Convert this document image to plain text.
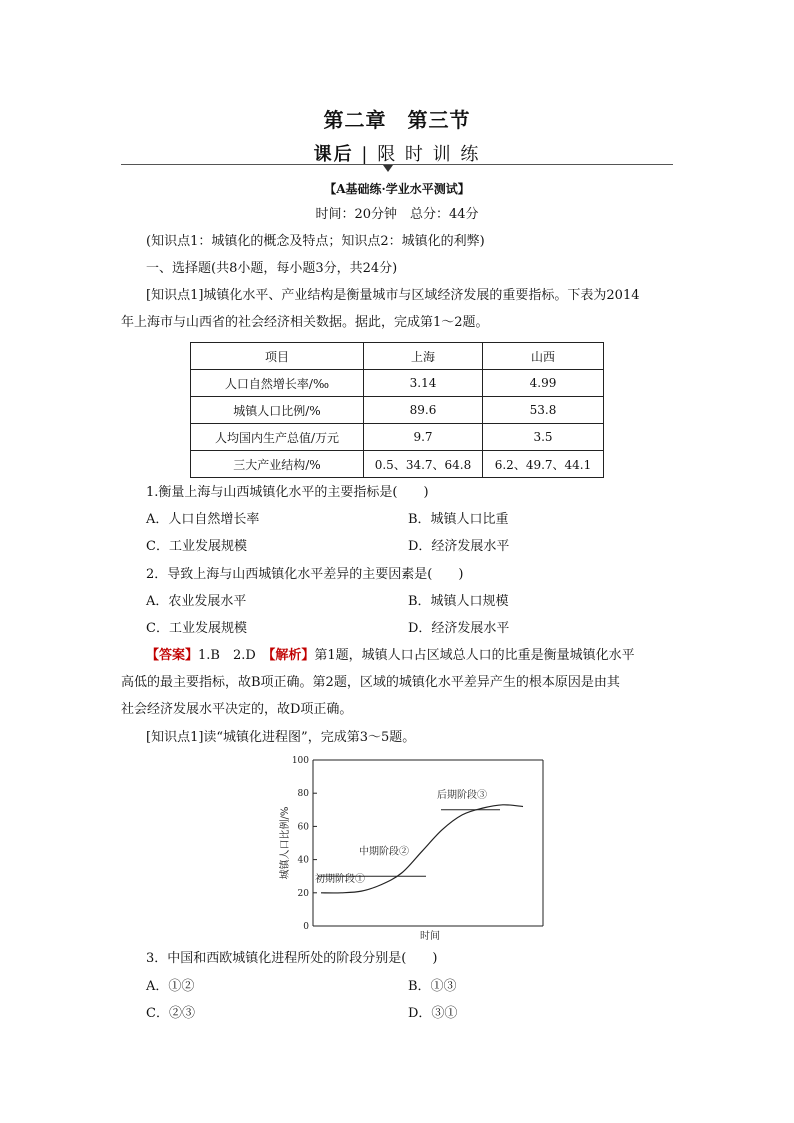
第二章　第三节
课后 | 限 时 训 练
【A基础练·学业水平测试】
时间：20分钟　总分：44分
(知识点1：城镇化的概念及特点；知识点2：城镇化的利弊)
一、选择题(共8小题，每小题3分，共24分)
[知识点1]城镇化水平、产业结构是衡量城市与区域经济发展的重要指标。下表为2014
年上海市与山西省的社会经济相关数据。据此，完成第1～2题。
项目	上海	山西
人口自然增长率/‰	3.14	4.99
城镇人口比例/%	89.6	53.8
人均国内生产总值/万元	9.7	3.5
三大产业结构/%	0.5、34.7、64.8	6.2、49.7、44.1
1.衡量上海与山西城镇化水平的主要指标是(　　)
A．人口自然增长率	B．城镇人口比重
C．工业发展规模	D．经济发展水平
2．导致上海与山西城镇化水平差异的主要因素是(　　)
A．农业发展水平	B．城镇人口规模
C．工业发展规模	D．经济发展水平
【答案】1.B　2.D　【解析】第1题，城镇人口占区域总人口的比重是衡量城镇化水平
高低的最主要指标，故B项正确。第2题，区域的城镇化水平差异产生的根本原因是由其
社会经济发展水平决定的，故D项正确。
[知识点1]读“城镇化进程图”，完成第3～5题。
0
20
40
60
80
100
城镇人口比例/%
时间
初期阶段①
中期阶段②
后期阶段③
3．中国和西欧城镇化进程所处的阶段分别是(　　)
A．①②	B．①③
C．②③	D．③①
